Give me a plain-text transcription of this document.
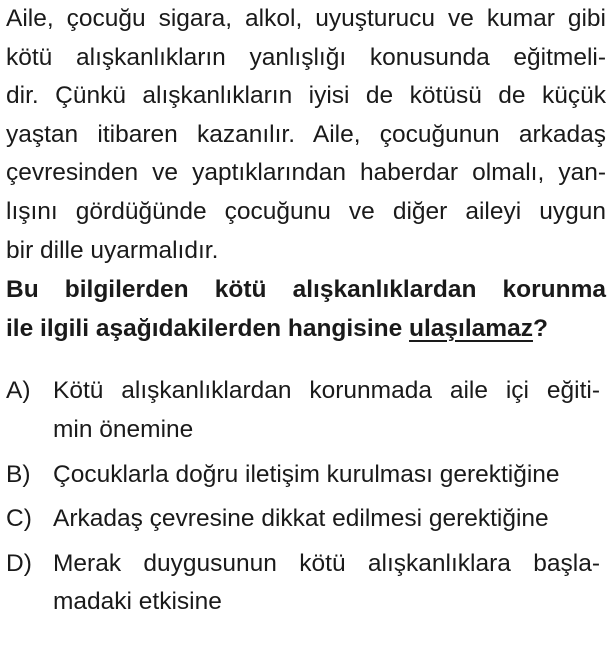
Aile, çocuğu sigara, alkol, uyuşturucu ve kumar gibi
kötü alışkanlıkların yanlışlığı konusunda eğitmeli-
dir. Çünkü alışkanlıkların iyisi de kötüsü de küçük
yaştan itibaren kazanılır. Aile, çocuğunun arkadaş
çevresinden ve yaptıklarından haberdar olmalı, yan-
lışını gördüğünde çocuğunu ve diğer aileyi uygun
bir dille uyarmalıdır.
Bu bilgilerden kötü alışkanlıklardan korunma
ile ilgili aşağıdakilerden hangisine ulaşılamaz?
A) Kötü alışkanlıklardan korunmada aile içi eğiti-
min önemine
B) Çocuklarla doğru iletişim kurulması gerektiğine
C) Arkadaş çevresine dikkat edilmesi gerektiğine
D) Merak duygusunun kötü alışkanlıklara başla-
madaki etkisine
